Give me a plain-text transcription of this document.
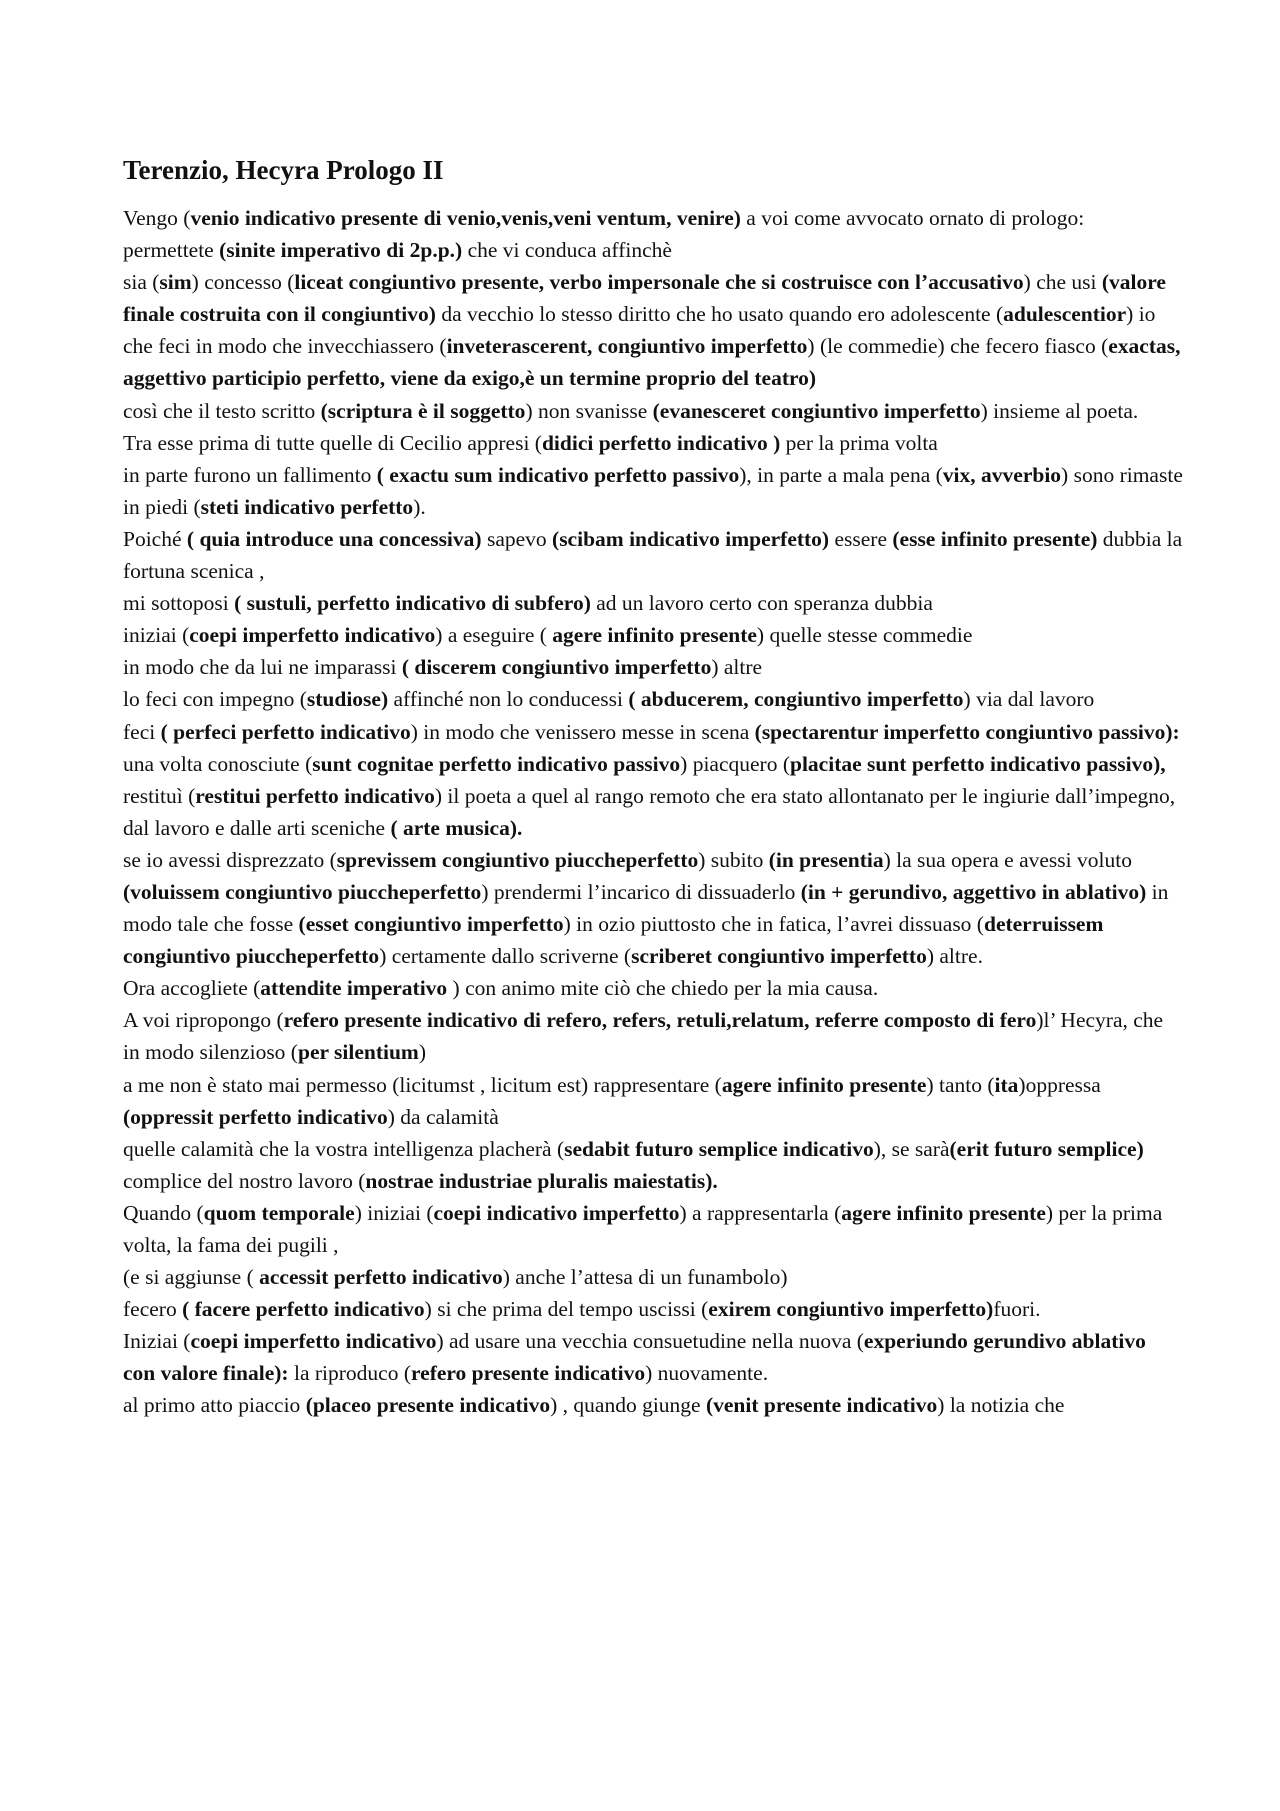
Terenzio, Hecyra Prologo II

Vengo (venio indicativo presente di venio,venis,veni ventum, venire) a voi come avvocato ornato di prologo:

permettete (sinite imperativo di 2p.p.) che vi conduca affinchè

sia (sim) concesso (liceat congiuntivo presente, verbo impersonale che si costruisce con l’accusativo) che usi (valore finale costruita con il congiuntivo) da vecchio lo stesso diritto che ho usato quando ero adolescente (adulescentior) io che feci in modo che invecchiassero (inveterascerent, congiuntivo imperfetto) (le commedie) che fecero fiasco (exactas, aggettivo participio perfetto, viene da exigo,è un termine proprio del teatro)

così che il testo scritto (scriptura è il soggetto) non svanisse (evanesceret congiuntivo imperfetto) insieme al poeta.

Tra esse prima di tutte quelle di Cecilio appresi (didici perfetto indicativo ) per la prima volta

in parte furono un fallimento ( exactu sum indicativo perfetto passivo), in parte a mala pena (vix, avverbio) sono rimaste in piedi (steti indicativo perfetto).

Poiché ( quia introduce una concessiva) sapevo (scibam indicativo imperfetto) essere (esse infinito presente) dubbia la fortuna scenica ,

mi sottoposi ( sustuli, perfetto indicativo di subfero) ad un lavoro certo con speranza dubbia

iniziai (coepi imperfetto indicativo) a eseguire ( agere infinito presente) quelle stesse commedie

in modo che da lui ne imparassi ( discerem congiuntivo imperfetto) altre

lo feci con impegno (studiose) affinché non lo conducessi ( abducerem, congiuntivo imperfetto) via dal lavoro

feci ( perfeci perfetto indicativo) in modo che venissero messe in scena (spectarentur imperfetto congiuntivo passivo): una volta conosciute (sunt cognitae perfetto indicativo passivo) piacquero (placitae sunt perfetto indicativo passivo), restituì (restitui perfetto indicativo) il poeta a quel al rango remoto che era stato allontanato per le ingiurie dall’impegno, dal lavoro e dalle arti sceniche ( arte musica).

se io avessi disprezzato (sprevissem congiuntivo piuccheperfetto) subito (in presentia) la sua opera e avessi voluto (voluissem congiuntivo piuccheperfetto) prendermi l’incarico di dissuaderlo (in + gerundivo, aggettivo in ablativo) in modo tale che fosse (esset congiuntivo imperfetto) in ozio piuttosto che in fatica, l’avrei dissuaso (deterruissem congiuntivo piuccheperfetto) certamente dallo scriverne (scriberet congiuntivo imperfetto) altre.

Ora accogliete (attendite imperativo ) con animo mite ciò che chiedo per la mia causa.

A voi ripropongo (refero presente indicativo di refero, refers, retuli,relatum, referre composto di fero)l’ Hecyra, che in modo silenzioso (per silentium)

a me non è stato mai permesso (licitumst , licitum est) rappresentare (agere infinito presente) tanto (ita)oppressa (oppressit perfetto indicativo) da calamità

quelle calamità che la vostra intelligenza placherà (sedabit futuro semplice indicativo), se sarà(erit futuro semplice) complice del nostro lavoro (nostrae industriae pluralis maiestatis).

Quando (quom temporale) iniziai (coepi indicativo imperfetto) a rappresentarla (agere infinito presente) per la prima volta, la fama dei pugili ,

(e si aggiunse ( accessit perfetto indicativo) anche l’attesa di un funambolo)

fecero ( facere perfetto indicativo) si che prima del tempo uscissi (exirem congiuntivo imperfetto)fuori.

Iniziai (coepi imperfetto indicativo) ad usare una vecchia consuetudine nella nuova (experiundo gerundivo ablativo con valore finale): la riproduco (refero presente indicativo) nuovamente.

al primo atto piaccio (placeo presente indicativo) , quando giunge (venit presente indicativo) la notizia che
